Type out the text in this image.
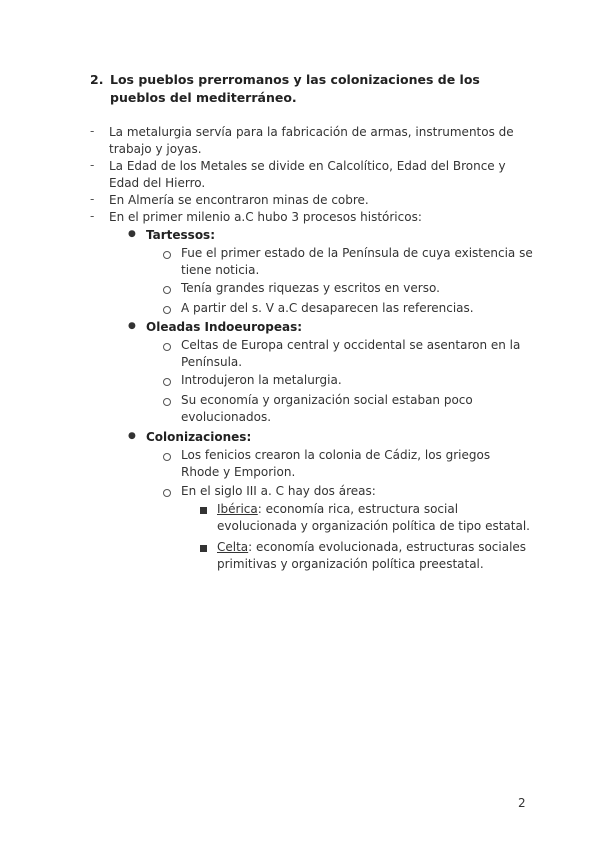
2. Los pueblos prerromanos y las colonizaciones de los pueblos del mediterráneo.
- La metalurgia servía para la fabricación de armas, instrumentos de
trabajo y joyas.
- La Edad de los Metales se divide en Calcolítico, Edad del Bronce y
Edad del Hierro.
- En Almería se encontraron minas de cobre.
- En el primer milenio a.C hubo 3 procesos históricos:
● Tartessos:
Fue el primer estado de la Península de cuya existencia se
tiene noticia.
Tenía grandes riquezas y escritos en verso.
A partir del s. V a.C desaparecen las referencias.
● Oleadas Indoeuropeas:
Celtas de Europa central y occidental se asentaron en la
Península.
Introdujeron la metalurgia.
Su economía y organización social estaban poco
evolucionados.
● Colonizaciones:
Los fenicios crearon la colonia de Cádiz, los griegos
Rhode y Emporion.
En el siglo III a. C hay dos áreas:
Ibérica: economía rica, estructura social
evolucionada y organización política de tipo estatal.
Celta: economía evolucionada, estructuras sociales
primitivas y organización política preestatal.
2
